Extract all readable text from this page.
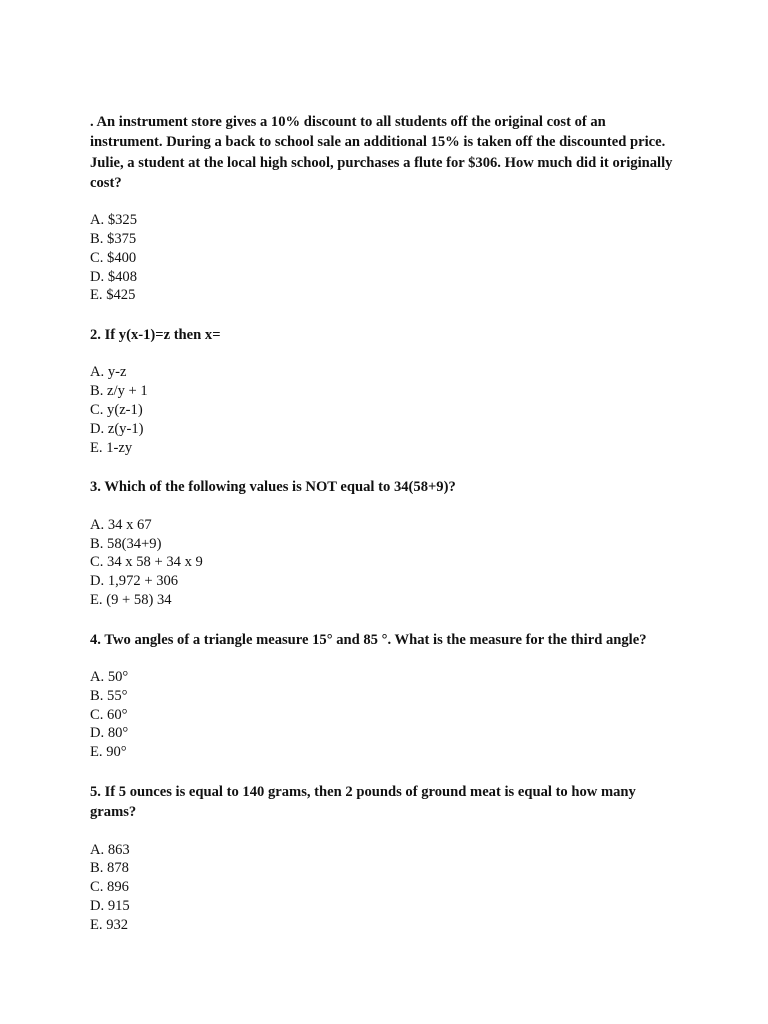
. An instrument store gives a 10% discount to all students off the original cost of an instrument. During a back to school sale an additional 15% is taken off the discounted price. Julie, a student at the local high school, purchases a flute for $306. How much did it originally cost?

A. $325
B. $375
C. $400
D. $408
E. $425

2. If y(x-1)=z then x=

A. y-z
B. z/y + 1
C. y(z-1)
D. z(y-1)
E. 1-zy

3. Which of the following values is NOT equal to 34(58+9)?

A. 34 x 67
B. 58(34+9)
C. 34 x 58 + 34 x 9
D. 1,972 + 306
E. (9 + 58) 34

4. Two angles of a triangle measure 15° and 85 °. What is the measure for the third angle?

A. 50°
B. 55°
C. 60°
D. 80°
E. 90°

5. If 5 ounces is equal to 140 grams, then 2 pounds of ground meat is equal to how many grams?

A. 863
B. 878
C. 896
D. 915
E. 932
